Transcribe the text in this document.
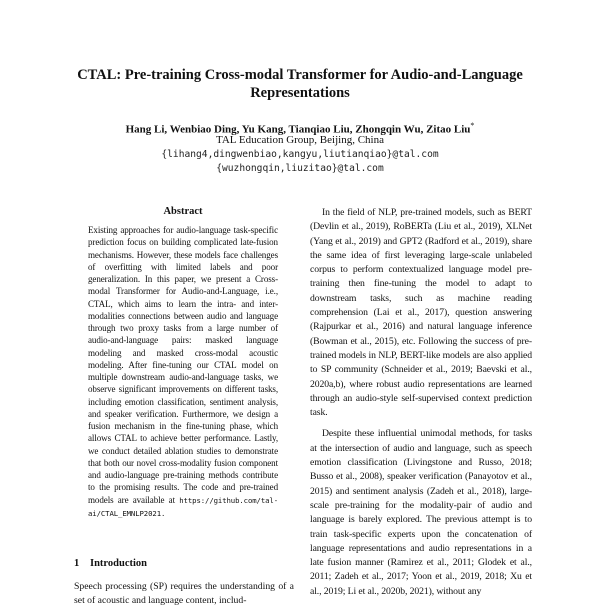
CTAL: Pre-training Cross-modal Transformer for Audio-and-Language Representations
Hang Li, Wenbiao Ding, Yu Kang, Tianqiao Liu, Zhongqin Wu, Zitao Liu*
TAL Education Group, Beijing, China
{lihang4,dingwenbiao,kangyu,liutianqiao}@tal.com
{wuzhongqin,liuzitao}@tal.com
Abstract
Existing approaches for audio-language task-specific prediction focus on building complicated late-fusion mechanisms. However, these models face challenges of overfitting with limited labels and poor generalization. In this paper, we present a Cross-modal Transformer for Audio-and-Language, i.e., CTAL, which aims to learn the intra- and inter- modalities connections between audio and language through two proxy tasks from a large number of audio-and-language pairs: masked language modeling and masked cross-modal acoustic modeling. After fine-tuning our CTAL model on multiple downstream audio-and-language tasks, we observe significant improvements on different tasks, including emotion classification, sentiment analysis, and speaker verification. Furthermore, we design a fusion mechanism in the fine-tuning phase, which allows CTAL to achieve better performance. Lastly, we conduct detailed ablation studies to demonstrate that both our novel cross-modality fusion component and audio-language pre-training methods contribute to the promising results. The code and pre-trained models are available at https://github.com/tal-ai/CTAL_EMNLP2021.
1 Introduction
Speech processing (SP) requires the understanding of a set of acoustic and language content, includ-

In the field of NLP, pre-trained models, such as BERT (Devlin et al., 2019), RoBERTa (Liu et al., 2019), XLNet (Yang et al., 2019) and GPT2 (Radford et al., 2019), share the same idea of first leveraging large-scale unlabeled corpus to perform contextualized language model pre-training then fine-tuning the model to adapt to downstream tasks, such as machine reading comprehension (Lai et al., 2017), question answering (Rajpurkar et al., 2016) and natural language inference (Bowman et al., 2015), etc. Following the success of pre-trained models in NLP, BERT-like models are also applied to SP community (Schneider et al., 2019; Baevski et al., 2020a,b), where robust audio representations are learned through an audio-style self-supervised context prediction task.

Despite these influential unimodal methods, for tasks at the intersection of audio and language, such as speech emotion classification (Livingstone and Russo, 2018; Busso et al., 2008), speaker verification (Panayotov et al., 2015) and sentiment analysis (Zadeh et al., 2018), large-scale pre-training for the modality-pair of audio and language is barely explored. The previous attempt is to train task-specific experts upon the concatenation of language representations and audio representations in a late fusion manner (Ramirez et al., 2011; Glodek et al., 2011; Zadeh et al., 2017; Yoon et al., 2019, 2018; Xu et al., 2019; Li et al., 2020b, 2021), without any
